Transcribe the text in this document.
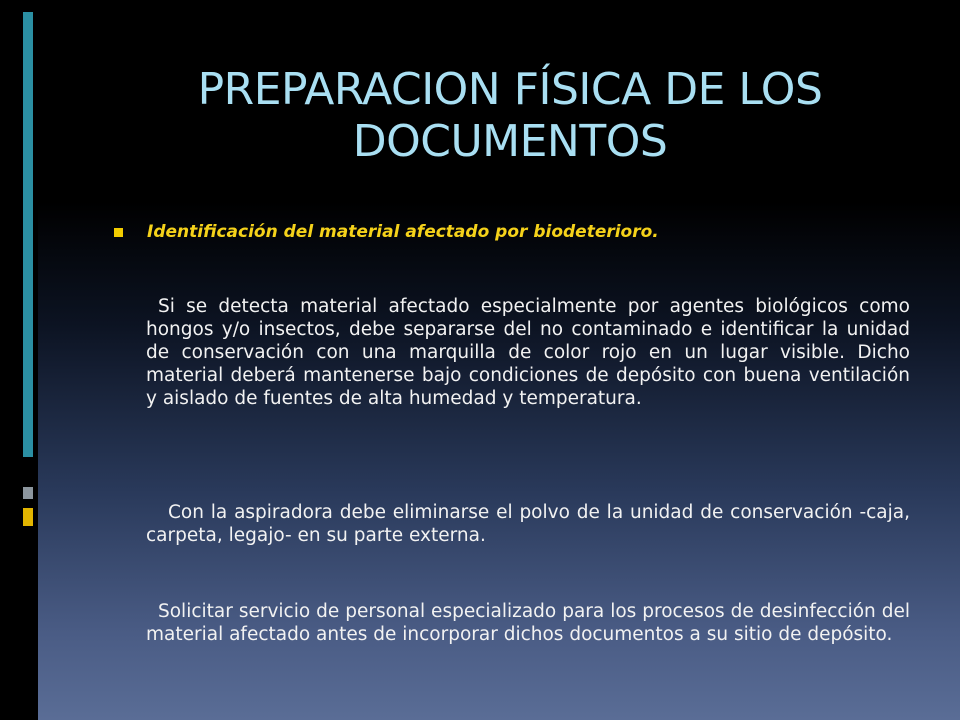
PREPARACION FÍSICA DE LOS DOCUMENTOS
Identificación del material afectado por biodeterioro.
Si se detecta material afectado especialmente por agentes biológicos como hongos y/o insectos, debe separarse del no contaminado e identificar la unidad de conservación con una marquilla de color rojo en un lugar visible. Dicho material deberá mantenerse bajo condiciones de depósito con buena ventilación y aislado de fuentes de alta humedad y temperatura.
Con la aspiradora debe eliminarse el polvo de la unidad de conservación -caja, carpeta, legajo- en su parte externa.
Solicitar servicio de personal especializado para los procesos de desinfección del material afectado antes de incorporar dichos documentos a su sitio de depósito.
